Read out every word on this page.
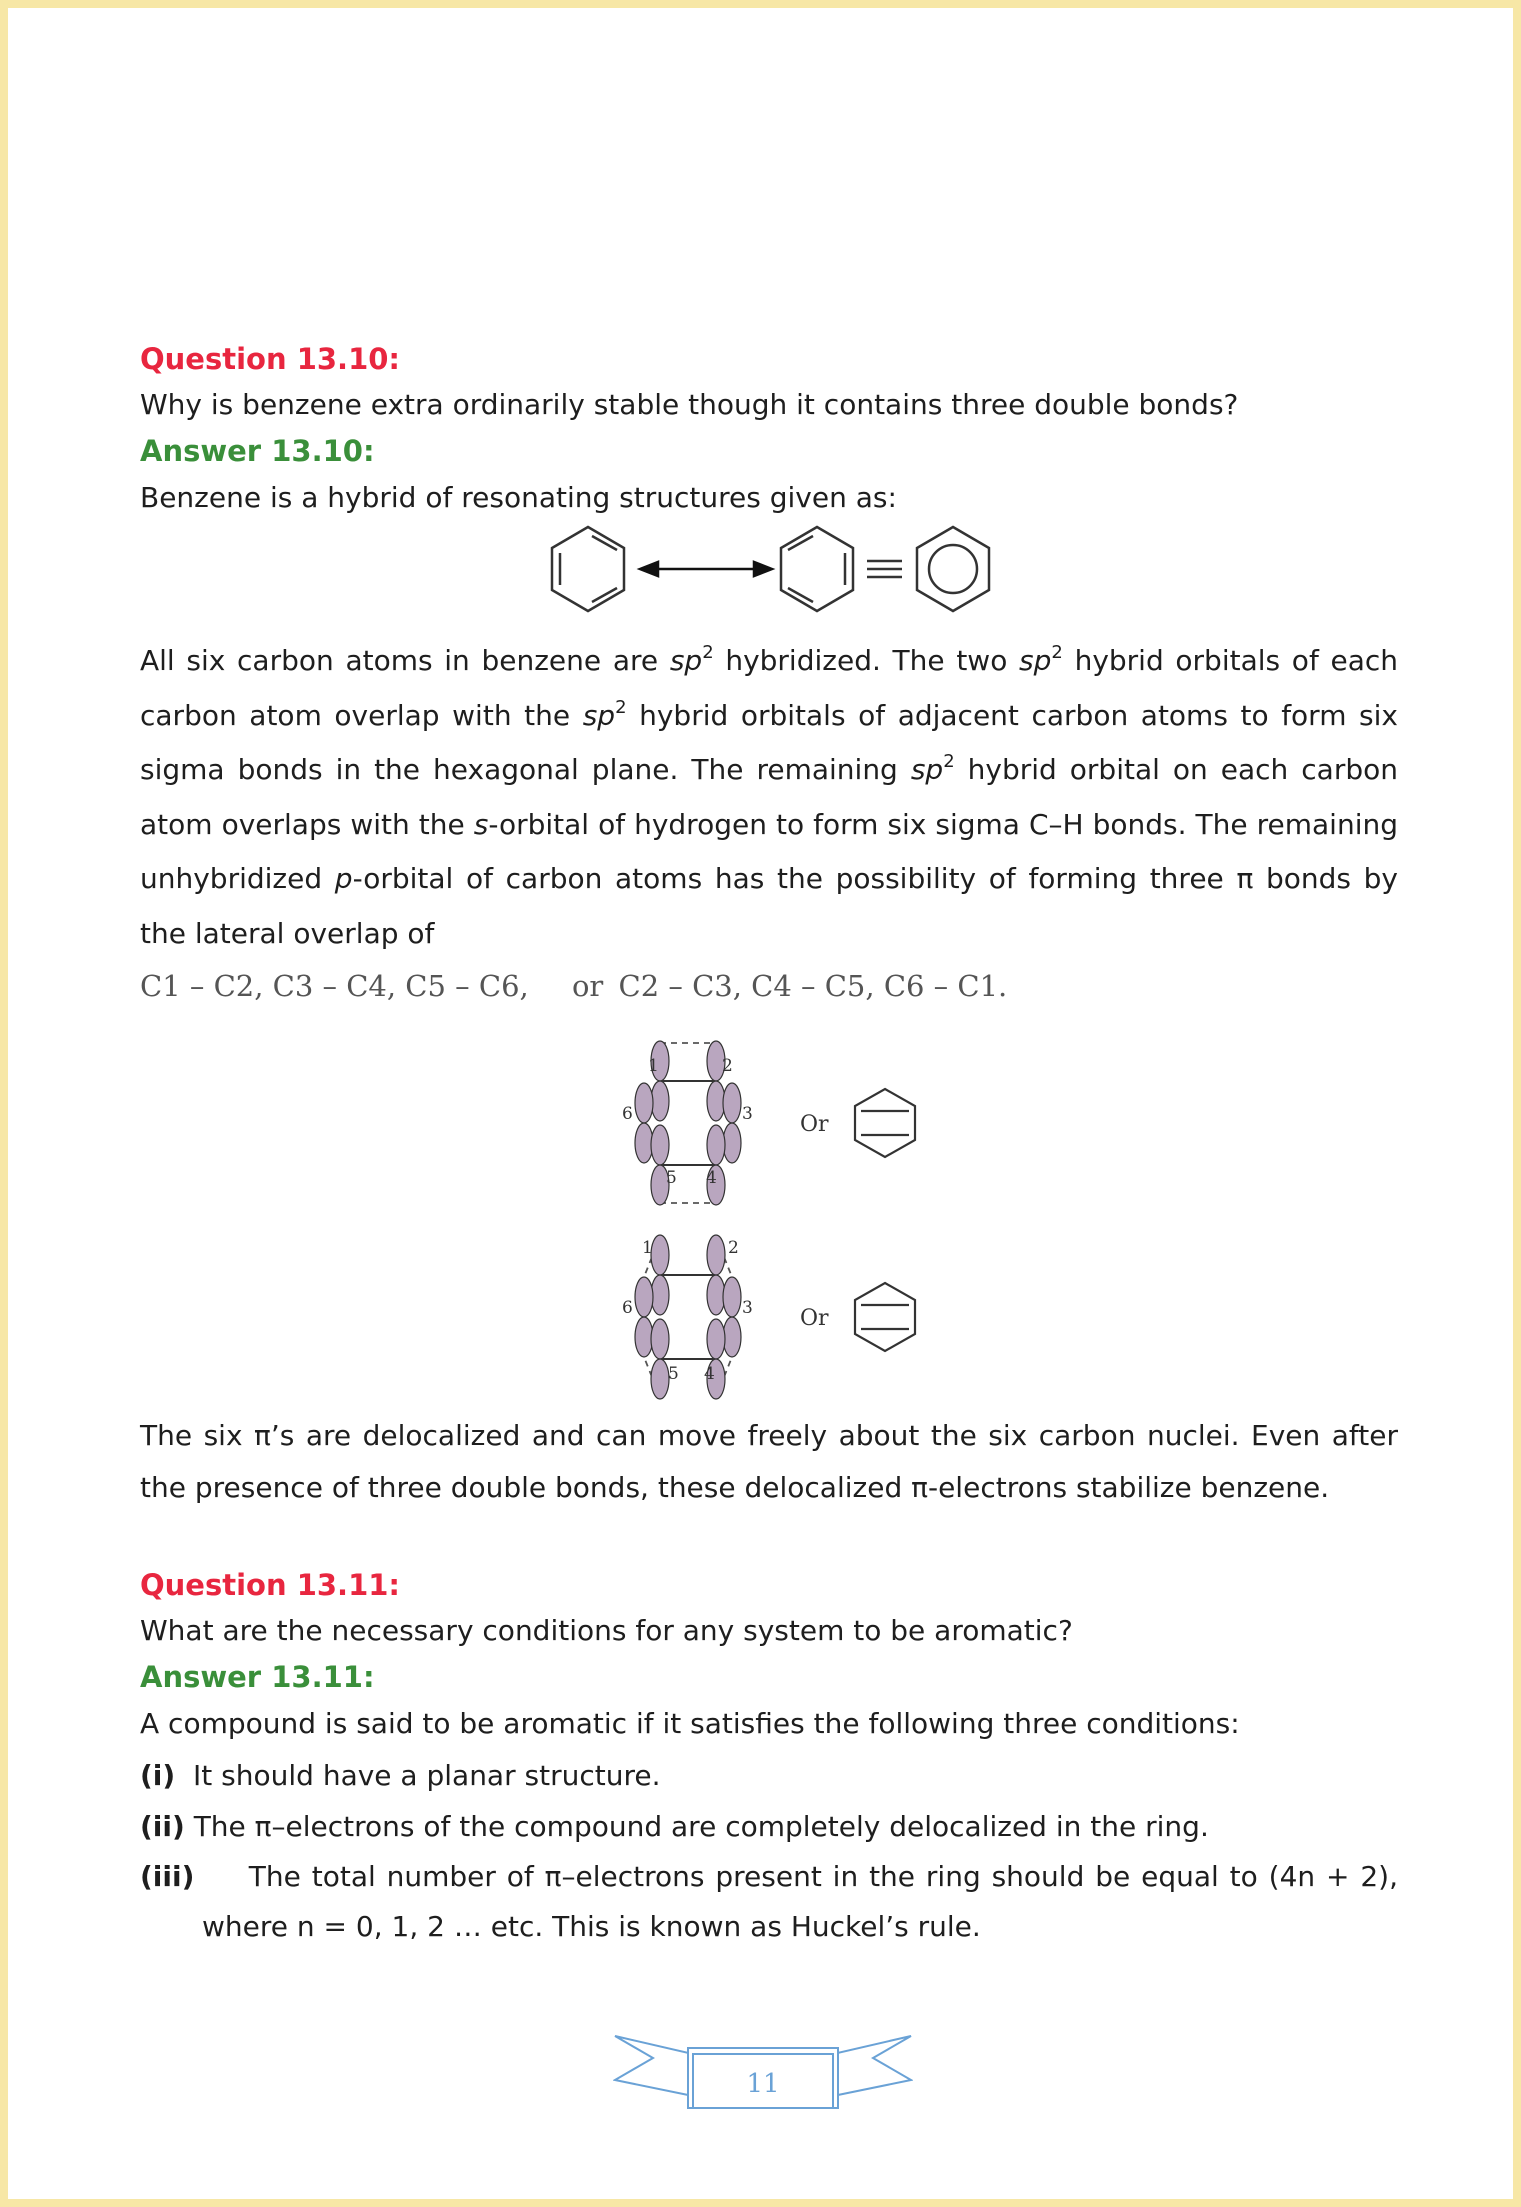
Question 13.10:

Why is benzene extra ordinarily stable though it contains three double bonds?

Answer 13.10:

Benzene is a hybrid of resonating structures given as:

All six carbon atoms in benzene are $sp^2$ hybridized. The two $sp^2$ hybrid orbitals of each carbon atom overlap with the $sp^2$ hybrid orbitals of adjacent carbon atoms to form six sigma bonds in the hexagonal plane. The remaining $sp^2$ hybrid orbital on each carbon atom overlaps with the s-orbital of hydrogen to form six sigma C–H bonds. The remaining unhybridized p-orbital of carbon atoms has the possibility of forming three π bonds by the lateral overlap of

C1 – C2, C3 – C4, C5 – C6, or C2 – C3, C4 – C5, C6 – C1.
1	2
3
4
5
6	Or
1	2
3
4
5
6	Or

The six π’s are delocalized and can move freely about the six carbon nuclei. Even after the presence of three double bonds, these delocalized π-electrons stabilize benzene.

Question 13.11:

What are the necessary conditions for any system to be aromatic?

Answer 13.11:

A compound is said to be aromatic if it satisfies the following three conditions:

(i) It should have a planar structure.

(ii) The π–electrons of the compound are completely delocalized in the ring.

(iii) The total number of π–electrons present in the ring should be equal to (4n + 2), where n = 0, 1, 2 … etc. This is known as Huckel’s rule.

11
